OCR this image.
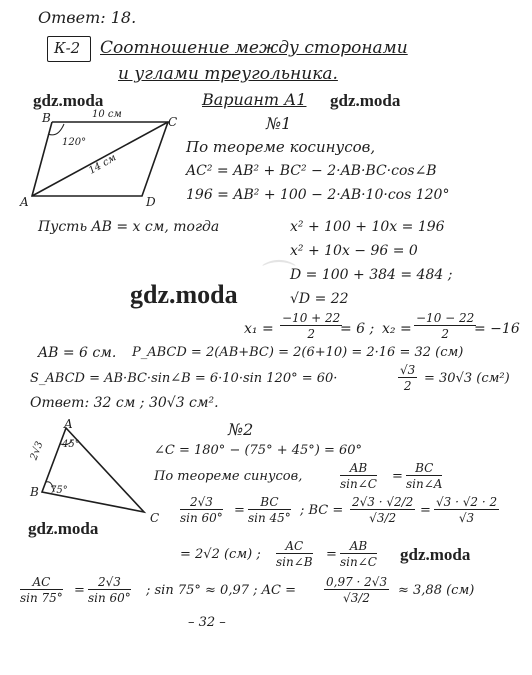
Ответ: 18.
К-2 Соотношение между сторонами
и углами треугольника.
gdz.moda	Вариант А1 gdz.moda
B	C
A	D
10 см
14 см
120°
№1
По теореме косинусов,
AC² = AB² + BC² − 2·AB·BC·cos∠B
196 = AB² + 100 − 2·AB·10·cos 120°
Пусть AB = x см, тогда	x² + 100 + 10x = 196
x² + 10x − 96 = 0
⌒
D = 100 + 384 = 484 ;
gdz.moda	√D = 22
$x_1 = \frac{-10 + 22}{2}$
= 6 ; $x_2 = \frac{-10 - 22}{2}$
= −16
AB = 6 см. P_ABCD = 2(AB+BC) = 2(6+10) = 2·16 = 32 (см)
S_ABCD = AB·BC·sin∠B = 6·10·sin 120° = 60·	$\frac{√3}{2} = 30√3$ (см²)
Ответ: 32 см ; 30√3 см².
A
B
C
2√3 45°
75°
№2
∠C = 180° − (75° + 45°) = 60°
По теореме синусов,	$\frac{AB}{\sin\angle C} = \frac{BC}{\sin\angle A}$
$\frac{2√3}{\sin 60^\circ} = \frac{BC}{\sin 45^\circ}$ ; BC = $\frac{2√3 \cdot √2/2}{√3/2} = \frac{√3 \cdot √2 \cdot 2}{√3}$
gdz.moda
= 2√2 (см) ; $\frac{AC}{\sin\angle B} = \frac{AB}{\sin\angle C}$ gdz.moda
$\frac{AC}{\sin 75^\circ} = \frac{2√3}{\sin 60^\circ}$ ; sin 75° ≈ 0,97 ; AC = $\frac{0,97 \cdot 2√3}{√3/2} \approx 3,88$ (см)
– 32 –
